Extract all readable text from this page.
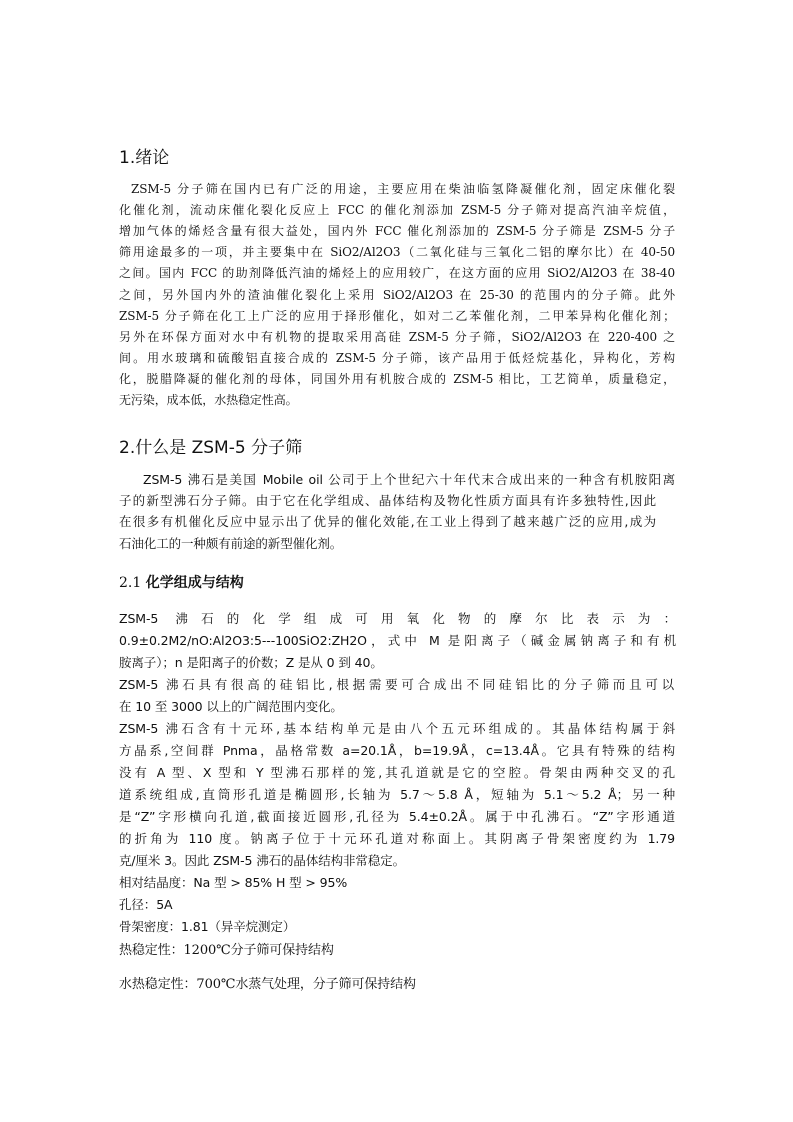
1.绪论
ZSM-5 分子筛在国内已有广泛的用途，主要应用在柴油临氢降凝催化剂，固定床催化裂
化催化剂，流动床催化裂化反应上 FCC 的催化剂添加 ZSM-5 分子筛对提高汽油辛烷值，
增加气体的烯烃含量有很大益处，国内外 FCC 催化剂添加的 ZSM-5 分子筛是 ZSM-5 分子
筛用途最多的一项，并主要集中在 SiO2/Al2O3（二氧化硅与三氧化二铝的摩尔比）在 40-50
之间。国内 FCC 的助剂降低汽油的烯烃上的应用较广，在这方面的应用 SiO2/Al2O3 在 38-40
之间，另外国内外的渣油催化裂化上采用 SiO2/Al2O3 在 25-30 的范围内的分子筛。此外
ZSM-5 分子筛在化工上广泛的应用于择形催化，如对二乙苯催化剂，二甲苯异构化催化剂；
另外在环保方面对水中有机物的提取采用高硅 ZSM-5 分子筛，SiO2/Al2O3 在 220-400 之
间。用水玻璃和硫酸铝直接合成的 ZSM-5 分子筛，该产品用于低烃烷基化，异构化，芳构
化，脱腊降凝的催化剂的母体，同国外用有机胺合成的 ZSM-5 相比，工艺简单，质量稳定，
无污染，成本低，水热稳定性高。
2.什么是 ZSM-5 分子筛
ZSM-5 沸石是美国 Mobile oil 公司于上个世纪六十年代末合成出来的一种含有机胺阳离
子的新型沸石分子筛。由于它在化学组成、晶体结构及物化性质方面具有许多独特性,因此
在很多有机催化反应中显示出了优异的催化效能,在工业上得到了越来越广泛的应用,成为
石油化工的一种颇有前途的新型催化剂。
2.1 化学组成与结构
ZSM-5 沸石的化学组成可用氧化物的摩尔比表示为：
0.9±0.2M2/nO:Al2O3:5---100SiO2:ZH2O，式中 M 是阳离子（碱金属钠离子和有机
胺离子）；n 是阳离子的价数；Z 是从 0 到 40。
ZSM-5 沸石具有很高的硅铝比,根据需要可合成出不同硅铝比的分子筛而且可以
在 10 至 3000 以上的广阔范围内变化。
ZSM-5 沸石含有十元环,基本结构单元是由八个五元环组成的。其晶体结构属于斜
方晶系,空间群 Pnma，晶格常数 a=20.1Å，b=19.9Å，c=13.4Å。它具有特殊的结构
没有 A 型、X 型和 Y 型沸石那样的笼,其孔道就是它的空腔。骨架由两种交叉的孔
道系统组成,直筒形孔道是椭圆形,长轴为 5.7～5.8 Å，短轴为 5.1～5.2 Å；另一种
是“Z”字形横向孔道,截面接近圆形,孔径为 5.4±0.2Å。属于中孔沸石。“Z”字形通道
的折角为 110 度。钠离子位于十元环孔道对称面上。其阴离子骨架密度约为 1.79
克/厘米 3。因此 ZSM-5 沸石的晶体结构非常稳定。
相对结晶度：Na 型 > 85% H 型 > 95%
孔径：5A
骨架密度：1.81（异辛烷测定）
热稳定性：1200℃分子筛可保持结构
水热稳定性：700℃水蒸气处理，分子筛可保持结构
